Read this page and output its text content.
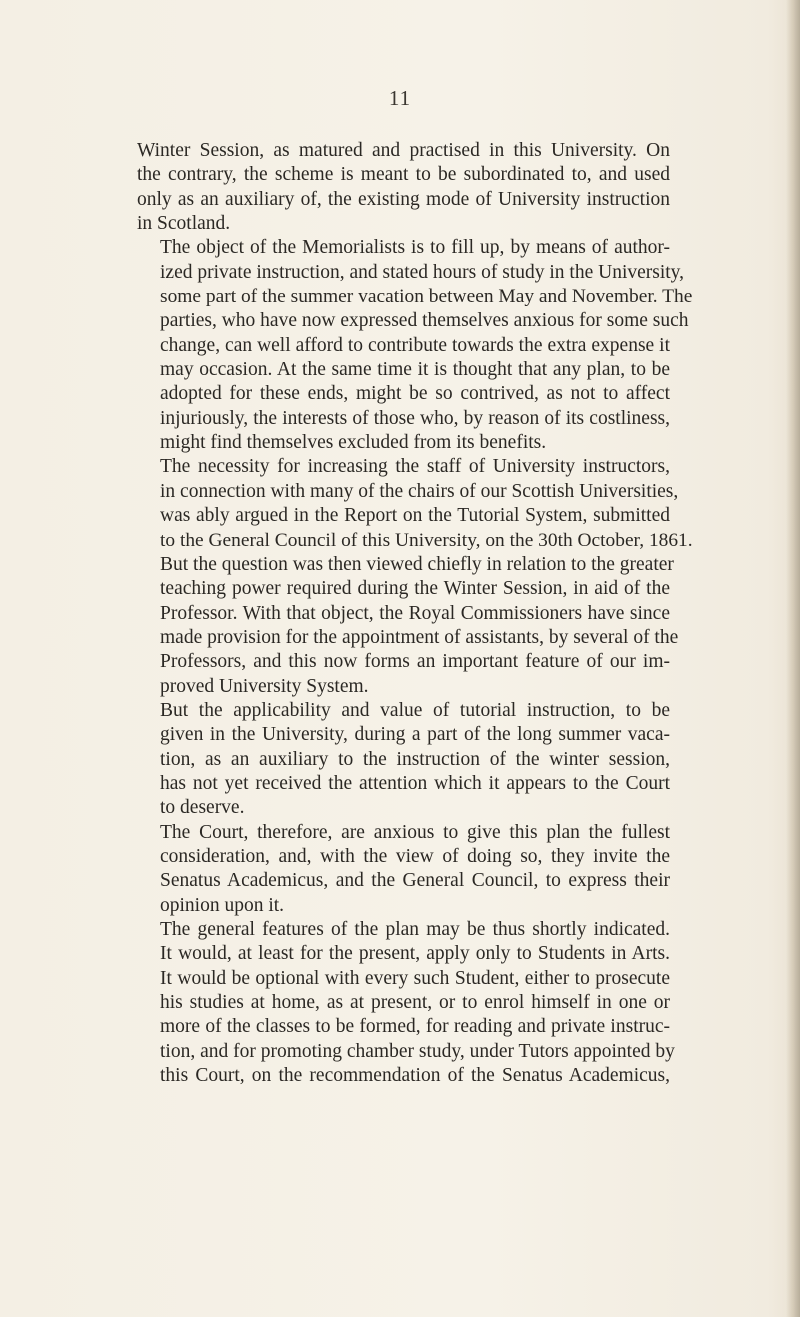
11

Winter Session, as matured and practised in this University. On
the contrary, the scheme is meant to be subordinated to, and used
only as an auxiliary of, the existing mode of University instruction
in Scotland.

The object of the Memorialists is to fill up, by means of author-
ized private instruction, and stated hours of study in the University,
some part of the summer vacation between May and November. The
parties, who have now expressed themselves anxious for some such
change, can well afford to contribute towards the extra expense it
may occasion. At the same time it is thought that any plan, to be
adopted for these ends, might be so contrived, as not to affect
injuriously, the interests of those who, by reason of its costliness,
might find themselves excluded from its benefits.

The necessity for increasing the staff of University instructors,
in connection with many of the chairs of our Scottish Universities,
was ably argued in the Report on the Tutorial System, submitted
to the General Council of this University, on the 30th October, 1861.
But the question was then viewed chiefly in relation to the greater
teaching power required during the Winter Session, in aid of the
Professor. With that object, the Royal Commissioners have since
made provision for the appointment of assistants, by several of the
Professors, and this now forms an important feature of our im-
proved University System.

But the applicability and value of tutorial instruction, to be
given in the University, during a part of the long summer vaca-
tion, as an auxiliary to the instruction of the winter session,
has not yet received the attention which it appears to the Court
to deserve.

The Court, therefore, are anxious to give this plan the fullest
consideration, and, with the view of doing so, they invite the
Senatus Academicus, and the General Council, to express their
opinion upon it.

The general features of the plan may be thus shortly indicated.
It would, at least for the present, apply only to Students in Arts.
It would be optional with every such Student, either to prosecute
his studies at home, as at present, or to enrol himself in one or
more of the classes to be formed, for reading and private instruc-
tion, and for promoting chamber study, under Tutors appointed by
this Court, on the recommendation of the Senatus Academicus,
